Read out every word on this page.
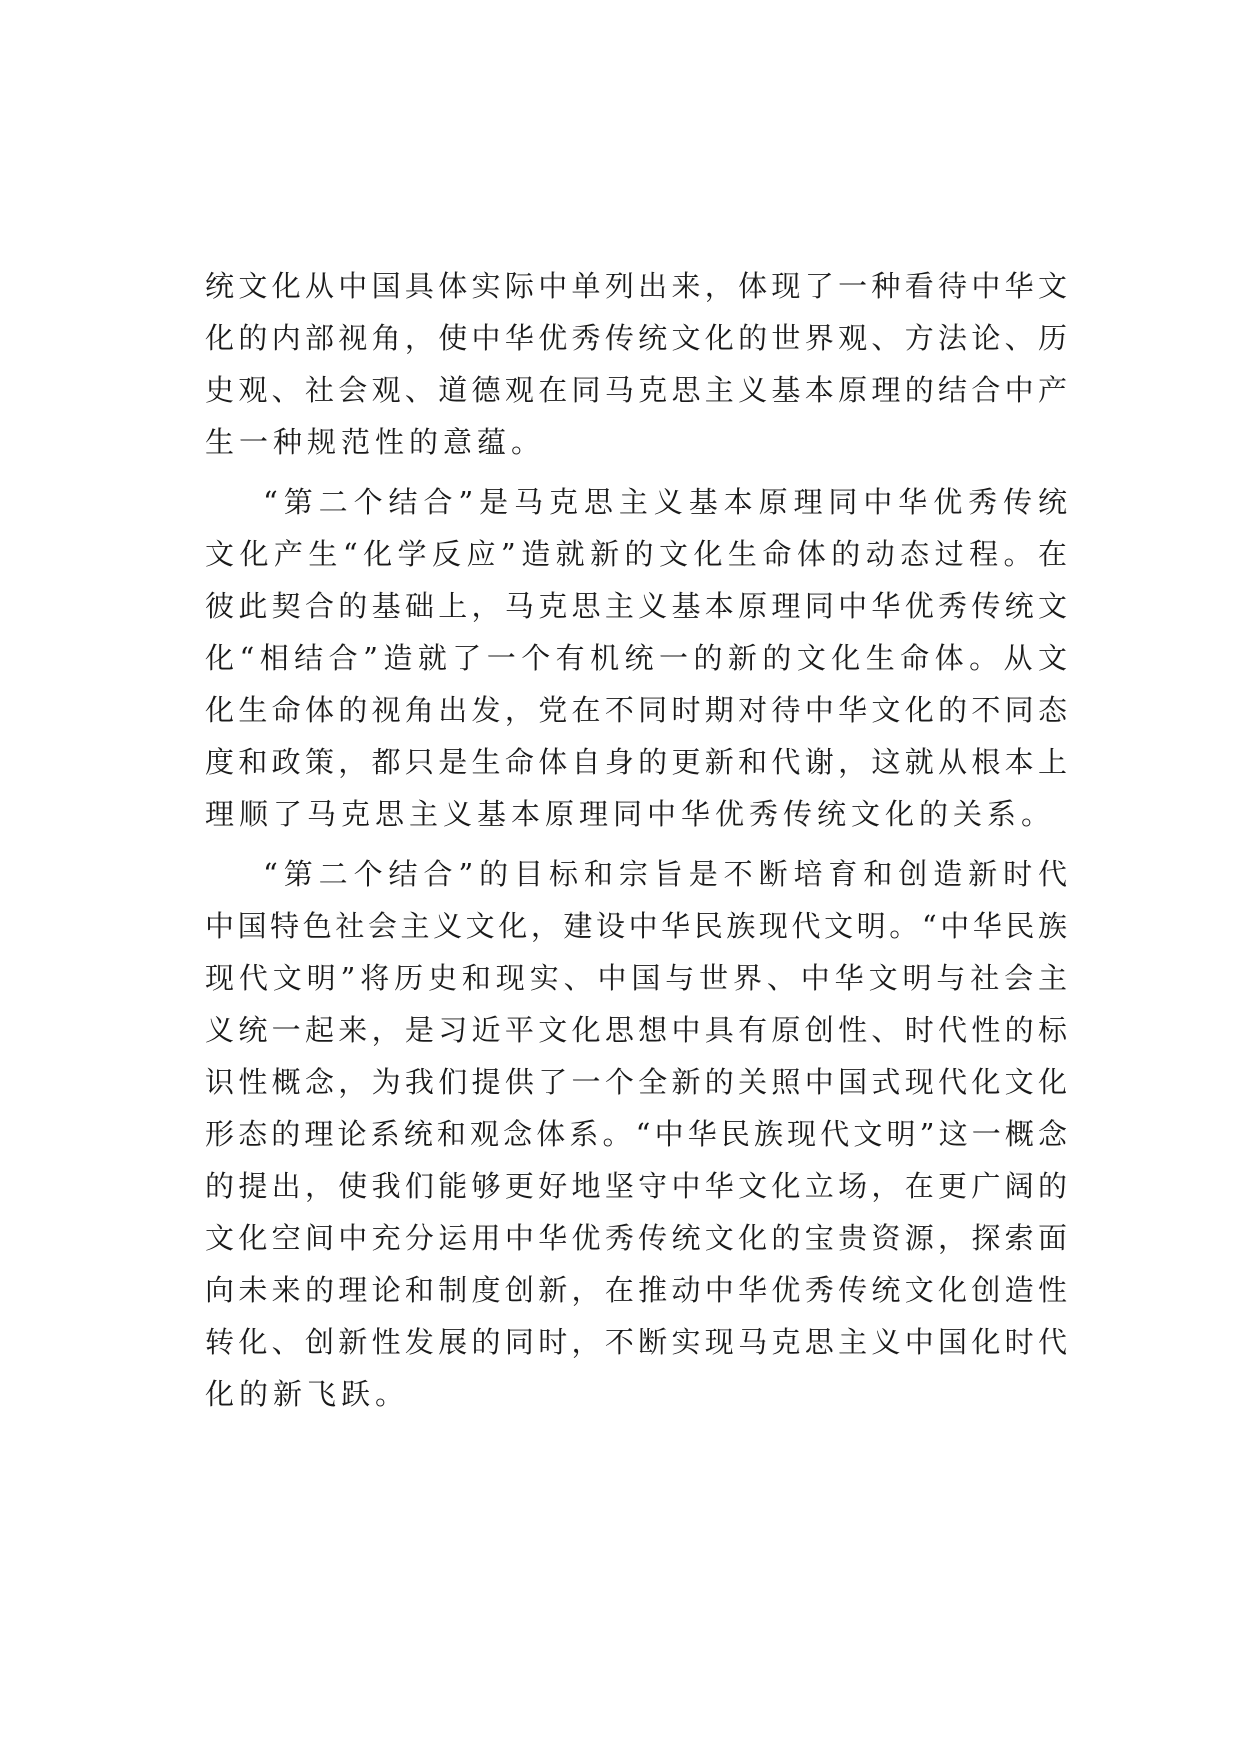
统文化从中国具体实际中单列出来，体现了一种看待中华文
化的内部视角，使中华优秀传统文化的世界观、方法论、历
史观、社会观、道德观在同马克思主义基本原理的结合中产
生一种规范性的意蕴。
“第二个结合”是马克思主义基本原理同中华优秀传统
文化产生“化学反应”造就新的文化生命体的动态过程。在
彼此契合的基础上，马克思主义基本原理同中华优秀传统文
化“相结合”造就了一个有机统一的新的文化生命体。从文
化生命体的视角出发，党在不同时期对待中华文化的不同态
度和政策，都只是生命体自身的更新和代谢，这就从根本上
理顺了马克思主义基本原理同中华优秀传统文化的关系。
“第二个结合”的目标和宗旨是不断培育和创造新时代
中国特色社会主义文化，建设中华民族现代文明。“中华民族
现代文明”将历史和现实、中国与世界、中华文明与社会主
义统一起来，是习近平文化思想中具有原创性、时代性的标
识性概念，为我们提供了一个全新的关照中国式现代化文化
形态的理论系统和观念体系。“中华民族现代文明”这一概念
的提出，使我们能够更好地坚守中华文化立场，在更广阔的
文化空间中充分运用中华优秀传统文化的宝贵资源，探索面
向未来的理论和制度创新，在推动中华优秀传统文化创造性
转化、创新性发展的同时，不断实现马克思主义中国化时代
化的新飞跃。
